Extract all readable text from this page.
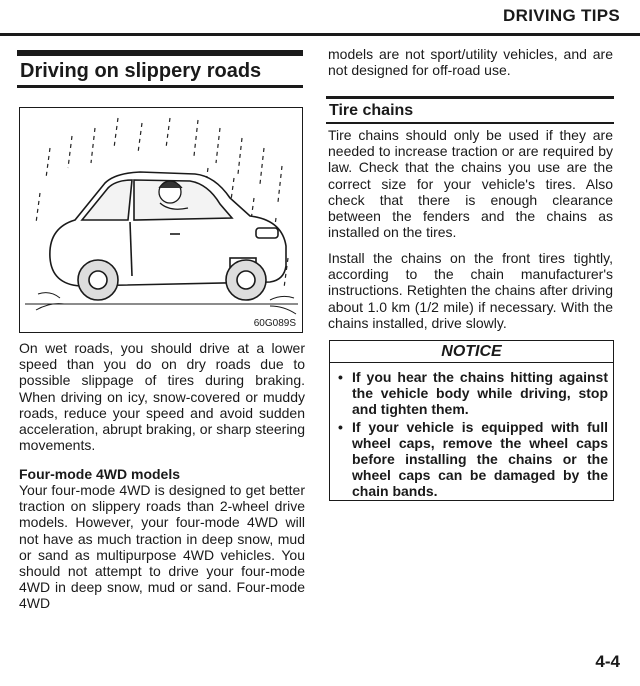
DRIVING TIPS
Driving on slippery roads
60G089S

On wet roads, you should drive at a lower speed than you do on dry roads due to possible slippage of tires during braking. When driving on icy, snow-covered or muddy roads, reduce your speed and avoid sudden acceleration, abrupt braking, or sharp steering movements.

Four-mode 4WD models

Your four-mode 4WD is designed to get better traction on slippery roads than 2-wheel drive models. However, your four-mode 4WD will not have as much traction in deep snow, mud or sand as multipurpose 4WD vehicles. You should not attempt to drive your four-mode 4WD in deep snow, mud or sand. Four-mode 4WD

models are not sport/utility vehicles, and are not designed for off-road use.

Tire chains

Tire chains should only be used if they are needed to increase traction or are required by law. Check that the chains you use are the correct size for your vehicle's tires. Also check that there is enough clearance between the fenders and the chains as installed on the tires.

Install the chains on the front tires tightly, according to the chain manufacturer's instructions. Retighten the chains after driving about 1.0 km (1/2 mile) if necessary. With the chains installed, drive slowly.

NOTICE
• If you hear the chains hitting against the vehicle body while driving, stop and tighten them.
• If your vehicle is equipped with full wheel caps, remove the wheel caps before installing the chains or the wheel caps can be damaged by the chain bands.
4-4
